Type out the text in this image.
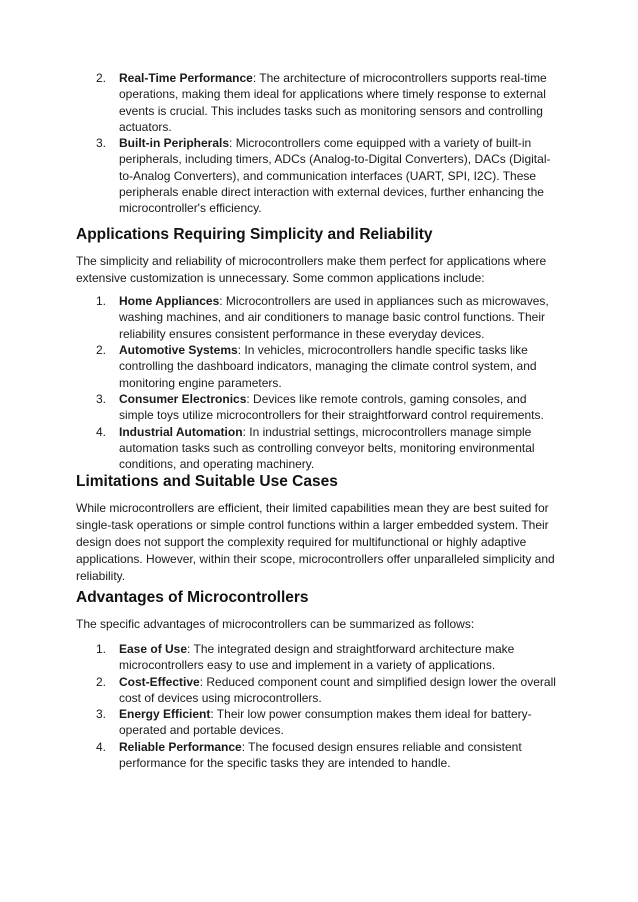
2. Real-Time Performance: The architecture of microcontrollers supports real-time operations, making them ideal for applications where timely response to external events is crucial. This includes tasks such as monitoring sensors and controlling actuators.
3. Built-in Peripherals: Microcontrollers come equipped with a variety of built-in peripherals, including timers, ADCs (Analog-to-Digital Converters), DACs (Digital-to-Analog Converters), and communication interfaces (UART, SPI, I2C). These peripherals enable direct interaction with external devices, further enhancing the microcontroller's efficiency.
Applications Requiring Simplicity and Reliability

The simplicity and reliability of microcontrollers make them perfect for applications where extensive customization is unnecessary. Some common applications include:

1. Home Appliances: Microcontrollers are used in appliances such as microwaves, washing machines, and air conditioners to manage basic control functions. Their reliability ensures consistent performance in these everyday devices.
2. Automotive Systems: In vehicles, microcontrollers handle specific tasks like controlling the dashboard indicators, managing the climate control system, and monitoring engine parameters.
3. Consumer Electronics: Devices like remote controls, gaming consoles, and simple toys utilize microcontrollers for their straightforward control requirements.
4. Industrial Automation: In industrial settings, microcontrollers manage simple automation tasks such as controlling conveyor belts, monitoring environmental conditions, and operating machinery.
Limitations and Suitable Use Cases

While microcontrollers are efficient, their limited capabilities mean they are best suited for single-task operations or simple control functions within a larger embedded system. Their design does not support the complexity required for multifunctional or highly adaptive applications. However, within their scope, microcontrollers offer unparalleled simplicity and reliability.

Advantages of Microcontrollers

The specific advantages of microcontrollers can be summarized as follows:

1. Ease of Use: The integrated design and straightforward architecture make microcontrollers easy to use and implement in a variety of applications.
2. Cost-Effective: Reduced component count and simplified design lower the overall cost of devices using microcontrollers.
3. Energy Efficient: Their low power consumption makes them ideal for battery-operated and portable devices.
4. Reliable Performance: The focused design ensures reliable and consistent performance for the specific tasks they are intended to handle.
